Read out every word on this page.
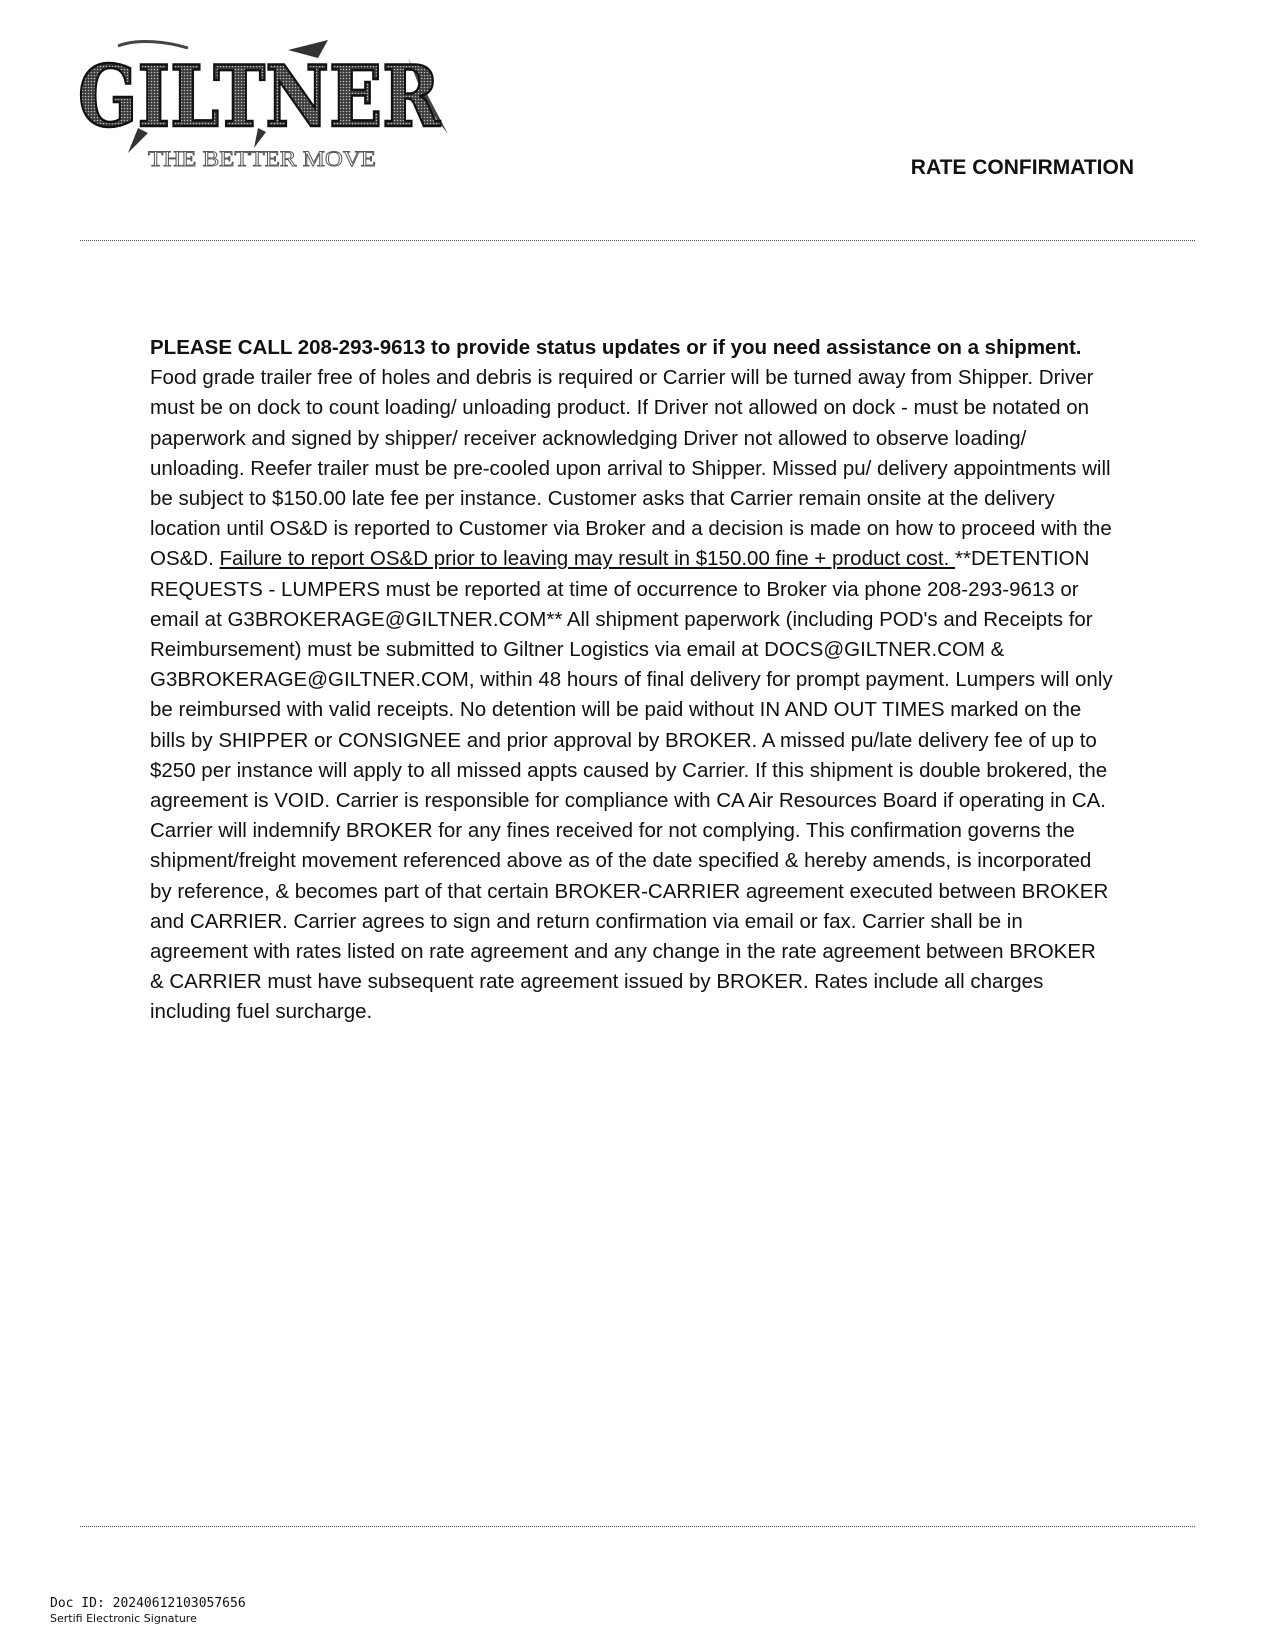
GILTNER
THE BETTER MOVE	RATE CONFIRMATION
PLEASE CALL 208-293-9613 to provide status updates or if you need assistance on a shipment. Food grade trailer free of holes and debris is required or Carrier will be turned away from Shipper. Driver must be on dock to count loading/ unloading product. If Driver not allowed on dock - must be notated on paperwork and signed by shipper/ receiver acknowledging Driver not allowed to observe loading/ unloading. Reefer trailer must be pre-cooled upon arrival to Shipper. Missed pu/ delivery appointments will be subject to $150.00 late fee per instance. Customer asks that Carrier remain onsite at the delivery location until OS&D is reported to Customer via Broker and a decision is made on how to proceed with the OS&D. Failure to report OS&D prior to leaving may result in $150.00 fine + product cost. **DETENTION REQUESTS - LUMPERS must be reported at time of occurrence to Broker via phone 208-293-9613 or email at G3BROKERAGE@GILTNER.COM** All shipment paperwork (including POD's and Receipts for Reimbursement) must be submitted to Giltner Logistics via email at DOCS@GILTNER.COM & G3BROKERAGE@GILTNER.COM, within 48 hours of final delivery for prompt payment. Lumpers will only be reimbursed with valid receipts. No detention will be paid without IN AND OUT TIMES marked on the bills by SHIPPER or CONSIGNEE and prior approval by BROKER. A missed pu/late delivery fee of up to $250 per instance will apply to all missed appts caused by Carrier. If this shipment is double brokered, the agreement is VOID. Carrier is responsible for compliance with CA Air Resources Board if operating in CA. Carrier will indemnify BROKER for any fines received for not complying. This confirmation governs the shipment/freight movement referenced above as of the date specified & hereby amends, is incorporated by reference, & becomes part of that certain BROKER-CARRIER agreement executed between BROKER and CARRIER. Carrier agrees to sign and return confirmation via email or fax. Carrier shall be in agreement with rates listed on rate agreement and any change in the rate agreement between BROKER & CARRIER must have subsequent rate agreement issued by BROKER. Rates include all charges including fuel surcharge.
Doc ID: 20240612103057656
Sertifi Electronic Signature
